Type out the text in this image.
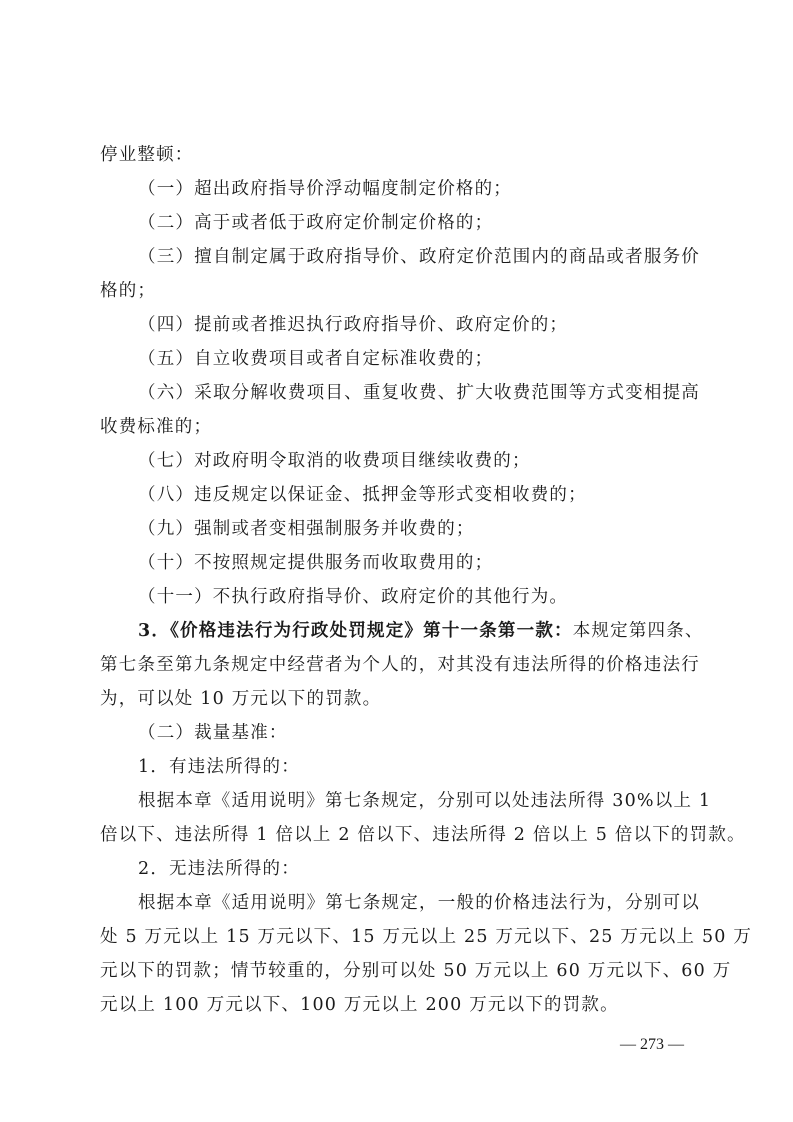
停业整顿：
（一）超出政府指导价浮动幅度制定价格的；
（二）高于或者低于政府定价制定价格的；
（三）擅自制定属于政府指导价、政府定价范围内的商品或者服务价
格的；
（四）提前或者推迟执行政府指导价、政府定价的；
（五）自立收费项目或者自定标准收费的；
（六）采取分解收费项目、重复收费、扩大收费范围等方式变相提高
收费标准的；
（七）对政府明令取消的收费项目继续收费的；
（八）违反规定以保证金、抵押金等形式变相收费的；
（九）强制或者变相强制服务并收费的；
（十）不按照规定提供服务而收取费用的；
（十一）不执行政府指导价、政府定价的其他行为。
3．《价格违法行为行政处罚规定》第十一条第一款：本规定第四条、
第七条至第九条规定中经营者为个人的，对其没有违法所得的价格违法行
为，可以处 10 万元以下的罚款。
（二）裁量基准：
1．有违法所得的：
根据本章《适用说明》第七条规定，分别可以处违法所得 30%以上 1
倍以下、违法所得 1 倍以上 2 倍以下、违法所得 2 倍以上 5 倍以下的罚款。
2．无违法所得的：
根据本章《适用说明》第七条规定，一般的价格违法行为，分别可以
处 5 万元以上 15 万元以下、15 万元以上 25 万元以下、25 万元以上 50 万
元以下的罚款；情节较重的，分别可以处 50 万元以上 60 万元以下、60 万
元以上 100 万元以下、100 万元以上 200 万元以下的罚款。
— 273 —
